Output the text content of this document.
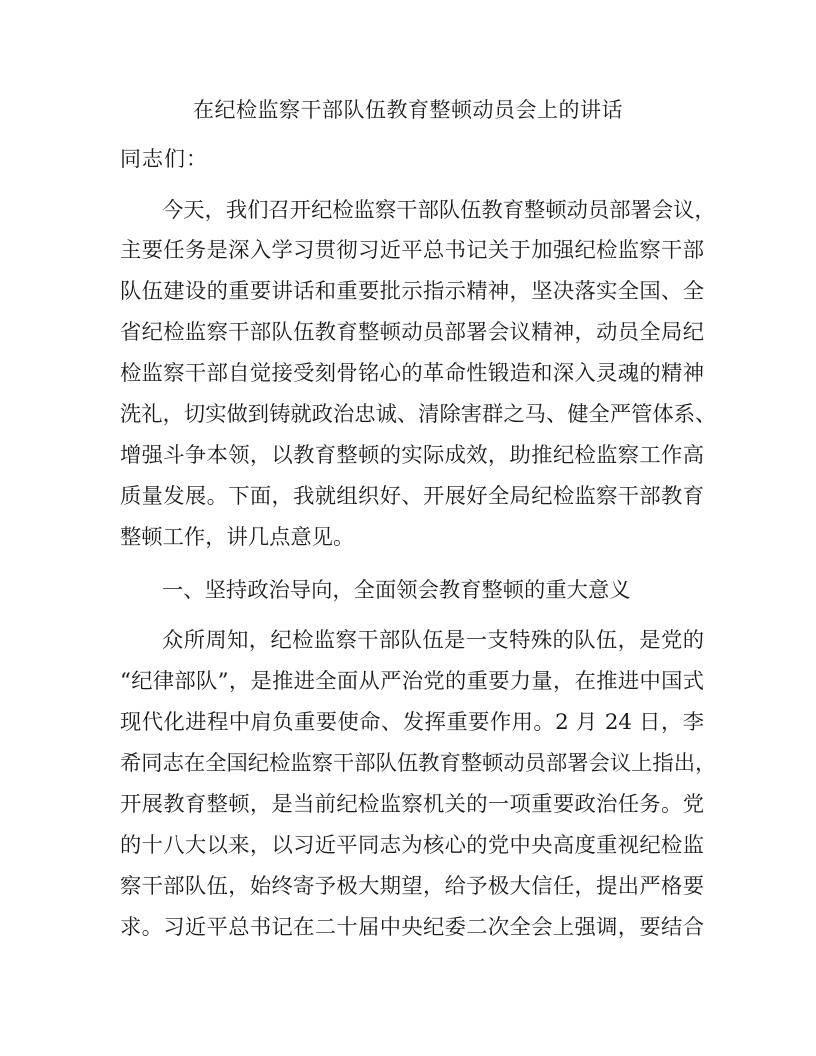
在纪检监察干部队伍教育整顿动员会上的讲话
同志们：
今天，我们召开纪检监察干部队伍教育整顿动员部署会议，
主要任务是深入学习贯彻习近平总书记关于加强纪检监察干部
队伍建设的重要讲话和重要批示指示精神，坚决落实全国、全
省纪检监察干部队伍教育整顿动员部署会议精神，动员全局纪
检监察干部自觉接受刻骨铭心的革命性锻造和深入灵魂的精神
洗礼，切实做到铸就政治忠诚、清除害群之马、健全严管体系、
增强斗争本领，以教育整顿的实际成效，助推纪检监察工作高
质量发展。下面，我就组织好、开展好全局纪检监察干部教育
整顿工作，讲几点意见。
一、坚持政治导向，全面领会教育整顿的重大意义
众所周知，纪检监察干部队伍是一支特殊的队伍，是党的
“纪律部队”，是推进全面从严治党的重要力量，在推进中国式
现代化进程中肩负重要使命、发挥重要作用。2 月 24 日，李
希同志在全国纪检监察干部队伍教育整顿动员部署会议上指出，
开展教育整顿，是当前纪检监察机关的一项重要政治任务。党
的十八大以来，以习近平同志为核心的党中央高度重视纪检监
察干部队伍，始终寄予极大期望，给予极大信任，提出严格要
求。习近平总书记在二十届中央纪委二次全会上强调，要结合
